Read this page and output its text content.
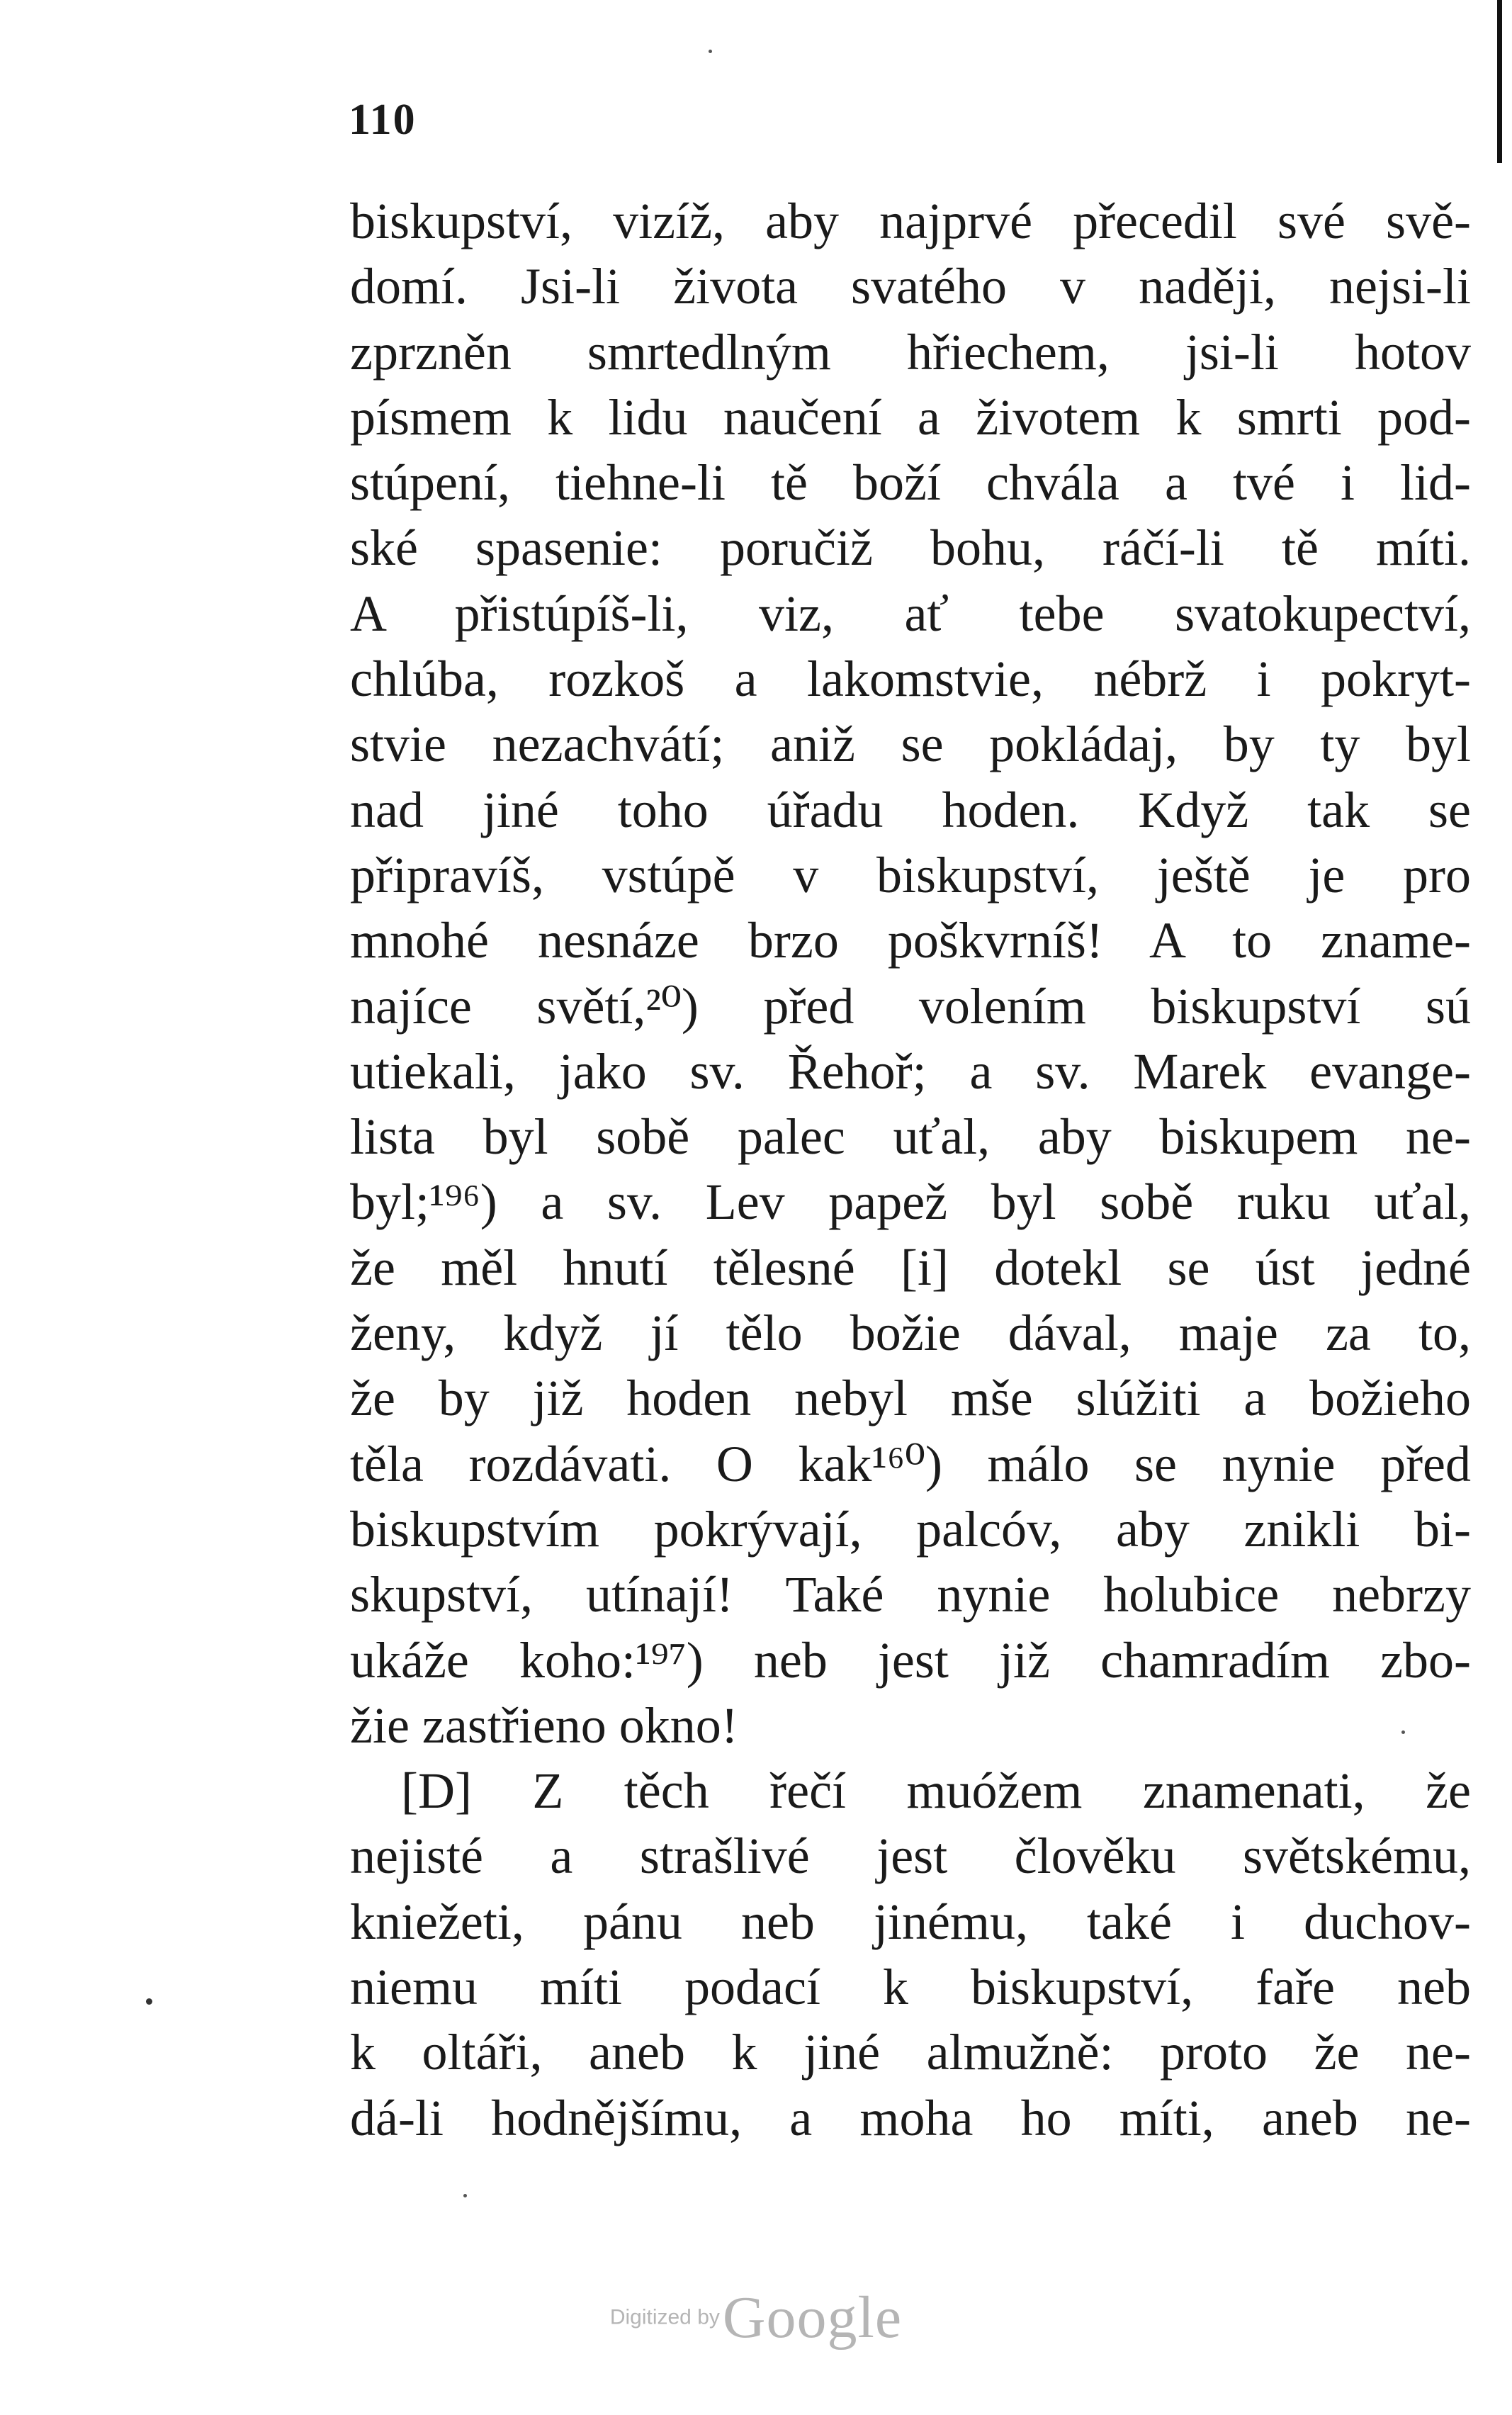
110
biskupství, vizíž, aby najprvé přecedil své svě-
domí. Jsi-li života svatého v naději, nejsi-li
zprzněn smrtedlným hřiechem, jsi-li hotov
písmem k lidu naučení a životem k smrti pod-
stúpení, tiehne-li tě boží chvála a tvé i lid-
ské spasenie: poručiž bohu, ráčí-li tě míti.
A přistúpíš-li, viz, ať tebe svatokupectví,
chlúba, rozkoš a lakomstvie, nébrž i pokryt-
stvie nezachvátí; aniž se pokládaj, by ty byl
nad jiné toho úřadu hoden. Když tak se
připravíš, vstúpě v biskupství, ještě je pro
mnohé nesnáze brzo poškvrníš! A to zname-
najíce světí,²⁰) před volením biskupství sú
utiekali, jako sv. Řehoř; a sv. Marek evange-
lista byl sobě palec uťal, aby biskupem ne-
byl;¹⁹⁶) a sv. Lev papež byl sobě ruku uťal,
že měl hnutí tělesné [i] dotekl se úst jedné
ženy, když jí tělo božie dával, maje za to,
že by již hoden nebyl mše slúžiti a božieho
těla rozdávati. O kak¹⁶⁰) málo se nynie před
biskupstvím pokrývají, palcóv, aby znikli bi-
skupství, utínají! Také nynie holubice nebrzy
ukáže koho:¹⁹⁷) neb jest již chamradím zbo-
žie zastřieno okno!
[D] Z těch řečí muóžem znamenati, že
nejisté a strašlivé jest člověku světskému,
kniežeti, pánu neb jinému, také i duchov-
niemu míti podací k biskupství, faře neb
k oltáři, aneb k jiné almužně: proto že ne-
dá-li hodnějšímu, a moha ho míti, aneb ne-
Digitized by Google
